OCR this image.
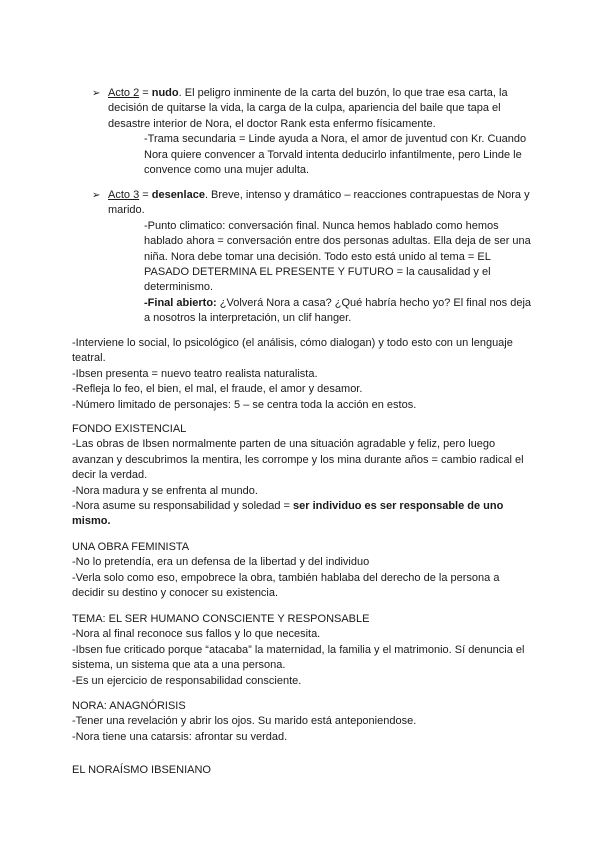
➢ Acto 2 = nudo. El peligro inminente de la carta del buzón, lo que trae esa carta, la decisión de quitarse la vida, la carga de la culpa, apariencia del baile que tapa el desastre interior de Nora, el doctor Rank esta enfermo físicamente.

-Trama secundaria = Linde ayuda a Nora, el amor de juventud con Kr. Cuando Nora quiere convencer a Torvald intenta deducirlo infantilmente, pero Linde le convence como una mujer adulta.

➢ Acto 3 = desenlace. Breve, intenso y dramático – reacciones contrapuestas de Nora y marido.

-Punto climatico: conversación final. Nunca hemos hablado como hemos hablado ahora = conversación entre dos personas adultas. Ella deja de ser una niña. Nora debe tomar una decisión. Todo esto está unido al tema = EL PASADO DETERMINA EL PRESENTE Y FUTURO = la causalidad y el determinismo.

-Final abierto: ¿Volverá Nora a casa? ¿Qué habría hecho yo? El final nos deja a nosotros la interpretación, un clif hanger.

-Interviene lo social, lo psicológico (el análisis, cómo dialogan) y todo esto con un lenguaje teatral.

-Ibsen presenta = nuevo teatro realista naturalista.

-Refleja lo feo, el bien, el mal, el fraude, el amor y desamor.

-Número limitado de personajes: 5 – se centra toda la acción en estos.

FONDO EXISTENCIAL

-Las obras de Ibsen normalmente parten de una situación agradable y feliz, pero luego avanzan y descubrimos la mentira, les corrompe y los mina durante años = cambio radical el decir la verdad.

-Nora madura y se enfrenta al mundo.

-Nora asume su responsabilidad y soledad = ser individuo es ser responsable de uno mismo.

UNA OBRA FEMINISTA

-No lo pretendía, era un defensa de la libertad y del individuo

-Verla solo como eso, empobrece la obra, también hablaba del derecho de la persona a decidir su destino y conocer su existencia.

TEMA: EL SER HUMANO CONSCIENTE Y RESPONSABLE

-Nora al final reconoce sus fallos y lo que necesita.

-Ibsen fue criticado porque “atacaba” la maternidad, la familia y el matrimonio. Sí denuncia el sistema, un sistema que ata a una persona.

-Es un ejercicio de responsabilidad consciente.

NORA: ANAGNÓRISIS

-Tener una revelación y abrir los ojos. Su marido está anteponiendose.

-Nora tiene una catarsis: afrontar su verdad.

EL NORAÍSMO IBSENIANO
